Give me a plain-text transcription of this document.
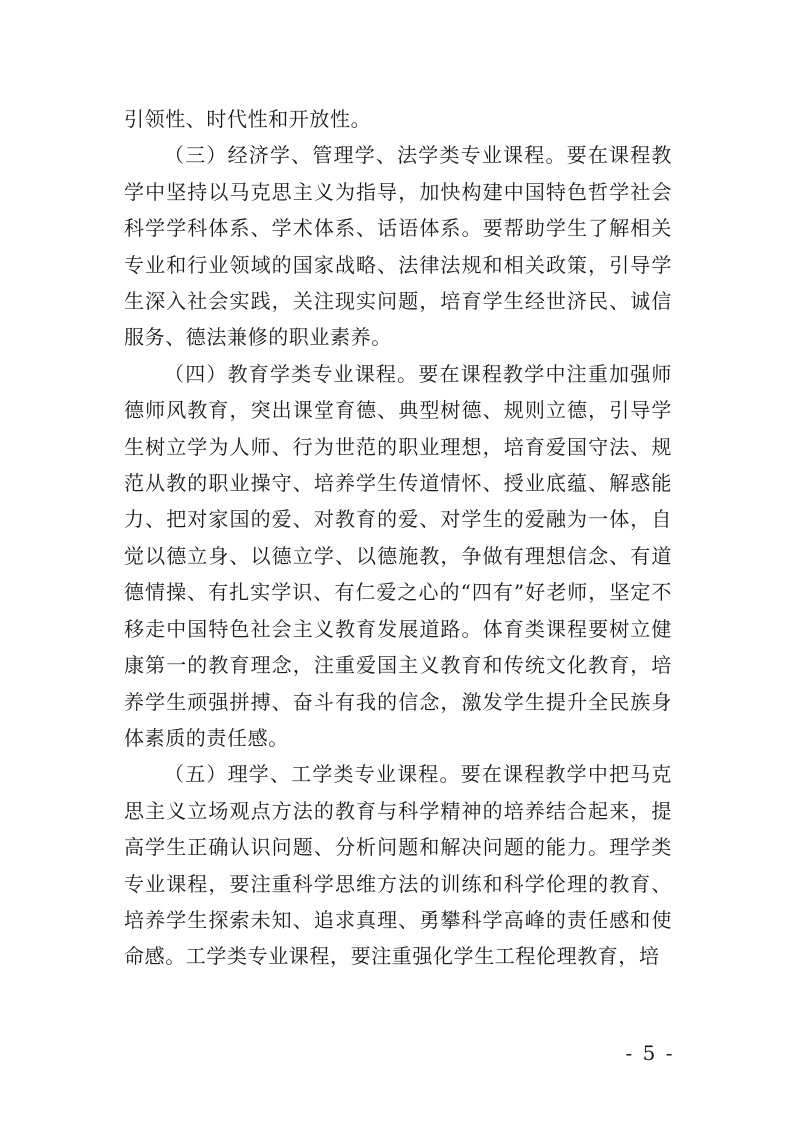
引领性、时代性和开放性。

（三）经济学、管理学、法学类专业课程。要在课程教学中坚持以马克思主义为指导，加快构建中国特色哲学社会科学学科体系、学术体系、话语体系。要帮助学生了解相关专业和行业领域的国家战略、法律法规和相关政策，引导学生深入社会实践，关注现实问题，培育学生经世济民、诚信服务、德法兼修的职业素养。

（四）教育学类专业课程。要在课程教学中注重加强师德师风教育，突出课堂育德、典型树德、规则立德，引导学生树立学为人师、行为世范的职业理想，培育爱国守法、规范从教的职业操守、培养学生传道情怀、授业底蕴、解惑能力、把对家国的爱、对教育的爱、对学生的爱融为一体，自觉以德立身、以德立学、以德施教，争做有理想信念、有道德情操、有扎实学识、有仁爱之心的“四有”好老师，坚定不移走中国特色社会主义教育发展道路。体育类课程要树立健康第一的教育理念，注重爱国主义教育和传统文化教育，培养学生顽强拼搏、奋斗有我的信念，激发学生提升全民族身体素质的责任感。

（五）理学、工学类专业课程。要在课程教学中把马克思主义立场观点方法的教育与科学精神的培养结合起来，提高学生正确认识问题、分析问题和解决问题的能力。理学类专业课程，要注重科学思维方法的训练和科学伦理的教育、培养学生探索未知、追求真理、勇攀科学高峰的责任感和使命感。工学类专业课程，要注重强化学生工程伦理教育，培

- 5 -
